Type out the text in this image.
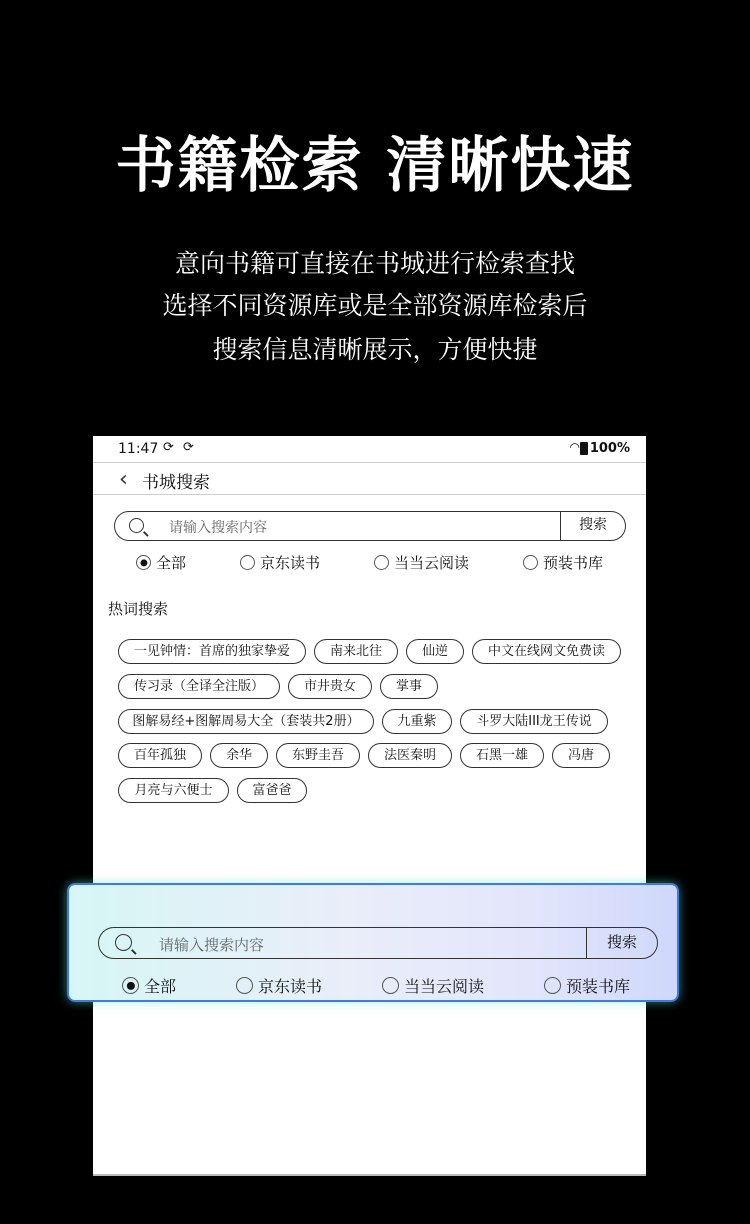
书籍检索 清晰快速
意向书籍可直接在书城进行检索查找
选择不同资源库或是全部资源库检索后
搜索信息清晰展示，方便快捷
11:47 ⟳ ⟳	◠ 100%
‹ 书城搜索
请输入搜索内容	搜索
全部	京东读书	当当云阅读	预装书库
热词搜索
一见钟情：首席的独家挚爱	南来北往	仙逆	中文在线网文免费读
传习录（全译全注版）	市井贵女	掌事
图解易经+图解周易大全（套装共2册）	九重紫	斗罗大陆III龙王传说
百年孤独	余华	东野圭吾	法医秦明	石黑一雄	冯唐
月亮与六便士	富爸爸
请输入搜索内容	搜索
全部	京东读书	当当云阅读	预装书库
